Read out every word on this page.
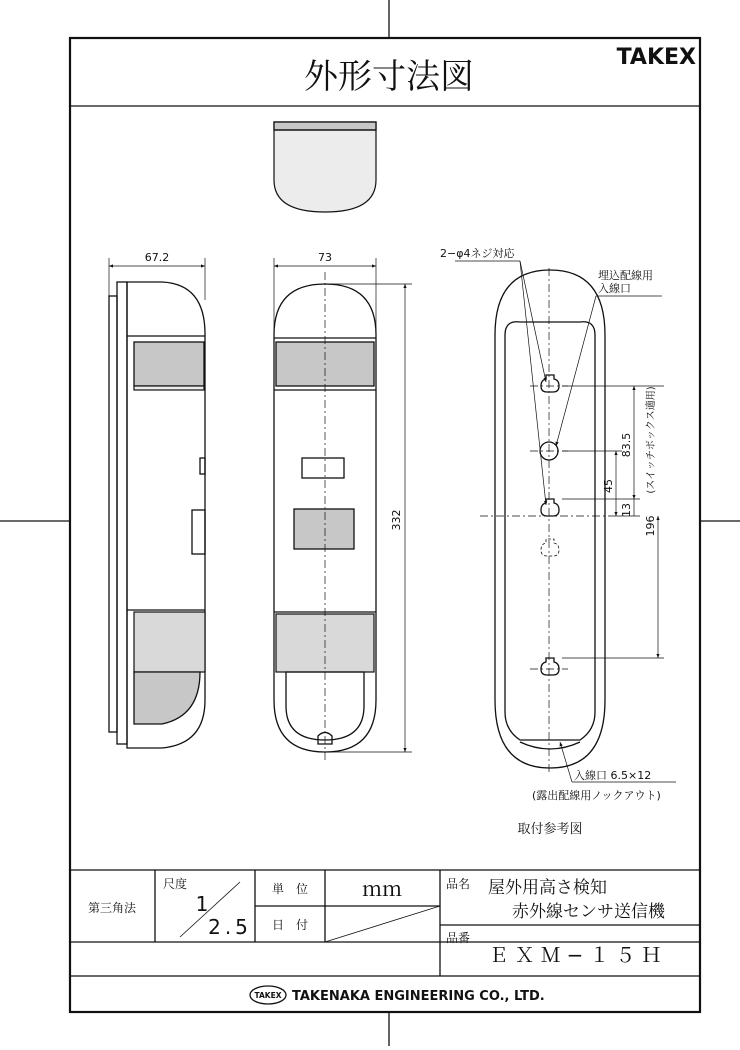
外形寸法図	TAKEX
67.2	73
332
2−φ4ネジ対応
埋込配線用
入線口
入線口 6.5×12
(露出配線用ノックアウト)
取付参考図
45
83.5
13
(スイッチボックス適用)
196
第三角法
尺度
1
2.5
単　位	ｍｍ
日　付
品名 屋外用高さ検知
赤外線センサ送信機
品番
ＥＸＭ−１５Ｈ
TAKEX TAKENAKA ENGINEERING CO., LTD.
